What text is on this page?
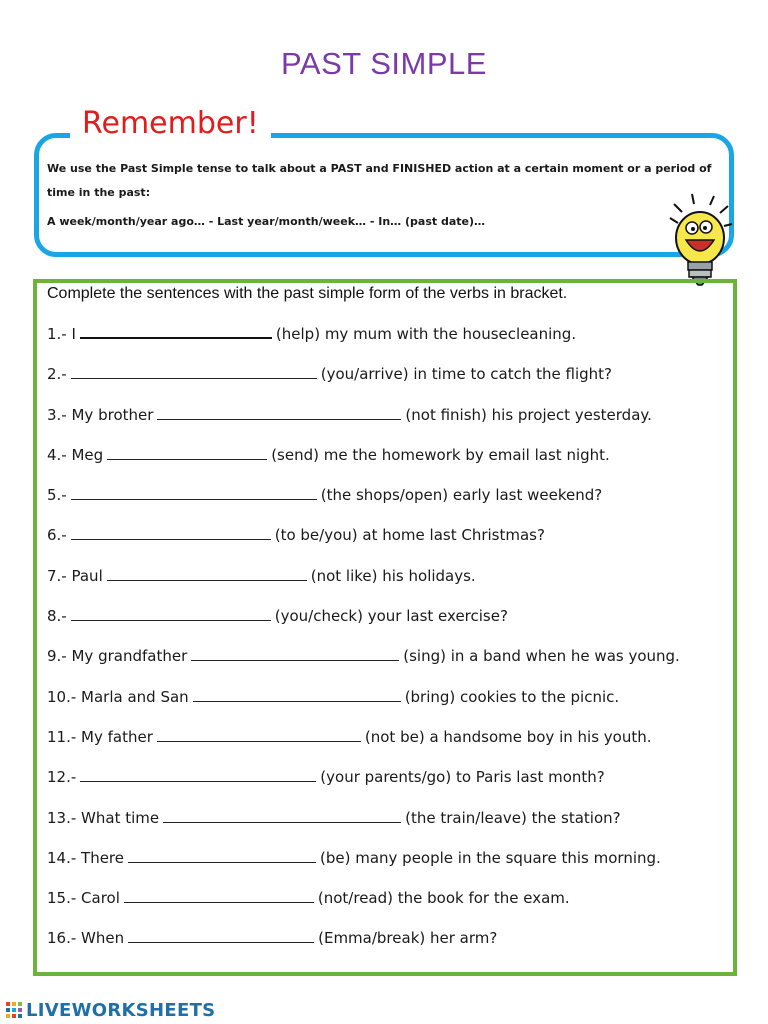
PAST SIMPLE
Remember!
We use the Past Simple tense to talk about a PAST and FINISHED action at a certain moment or a period of time in the past:
A week/month/year ago… - Last year/month/week… - In… (past date)…
Complete the sentences with the past simple form of the verbs in bracket.
1.- I	(help) my mum with the housecleaning.
2.-	(you/arrive) in time to catch the flight?
3.- My brother	(not finish) his project yesterday.
4.- Meg	(send) me the homework by email last night.
5.-	(the shops/open) early last weekend?
6.-	(to be/you) at home last Christmas?
7.- Paul	(not like) his holidays.
8.-	(you/check) your last exercise?
9.- My grandfather	(sing) in a band when he was young.
10.- Marla and San	(bring) cookies to the picnic.
11.- My father	(not be) a handsome boy in his youth.
12.-	(your parents/go) to Paris last month?
13.- What time	(the train/leave) the station?
14.- There	(be) many people in the square this morning.
15.- Carol	(not/read) the book for the exam.
16.- When	(Emma/break) her arm?
LIVEWORKSHEETS
